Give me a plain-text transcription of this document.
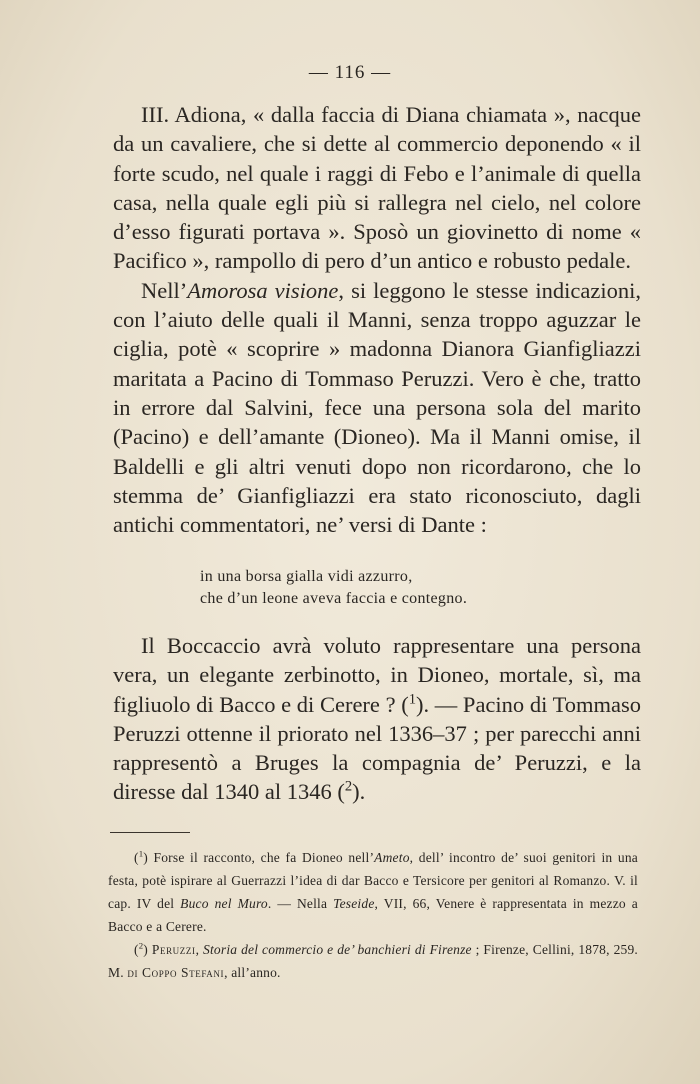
— 116 —

III. Adiona, « dalla faccia di Diana chiamata », nacque da un cavaliere, che si dette al commercio deponendo « il forte scudo, nel quale i raggi di Febo e l’animale di quella casa, nella quale egli più si rallegra nel cielo, nel colore d’esso figurati portava ». Sposò un giovinetto di nome « Pacifico », rampollo di pero d’un antico e robusto pedale.

Nell’Amorosa visione, si leggono le stesse indicazioni, con l’aiuto delle quali il Manni, senza troppo aguzzar le ciglia, potè « scoprire » madonna Dianora Gianfigliazzi maritata a Pacino di Tommaso Peruzzi. Vero è che, tratto in errore dal Salvini, fece una persona sola del marito (Pacino) e dell’amante (Dioneo). Ma il Manni omise, il Baldelli e gli altri venuti dopo non ricordarono, che lo stemma de’ Gianfigliazzi era stato riconosciuto, dagli antichi commentatori, ne’ versi di Dante :

in una borsa gialla vidi azzurro,
che d’un leone aveva faccia e contegno.

Il Boccaccio avrà voluto rappresentare una persona vera, un elegante zerbinotto, in Dioneo, mortale, sì, ma figliuolo di Bacco e di Cerere ? ($^1$). — Pacino di Tommaso Peruzzi ottenne il priorato nel 1336–37 ; per parecchi anni rappresentò a Bruges la compagnia de’ Peruzzi, e la diresse dal 1340 al 1346 ($^2$).

($^1$) Forse il racconto, che fa Dioneo nell’Ameto, dell’ incontro de’ suoi genitori in una festa, potè ispirare al Guerrazzi l’idea di dar Bacco e Tersicore per genitori al Romanzo. V. il cap. IV del Buco nel Muro. — Nella Teseide, VII, 66, Venere è rappresentata in mezzo a Bacco e a Cerere.

($^2$) Peruzzi, Storia del commercio e de’ banchieri di Firenze ; Firenze, Cellini, 1878, 259. M. di Coppo Stefani, all’anno.
